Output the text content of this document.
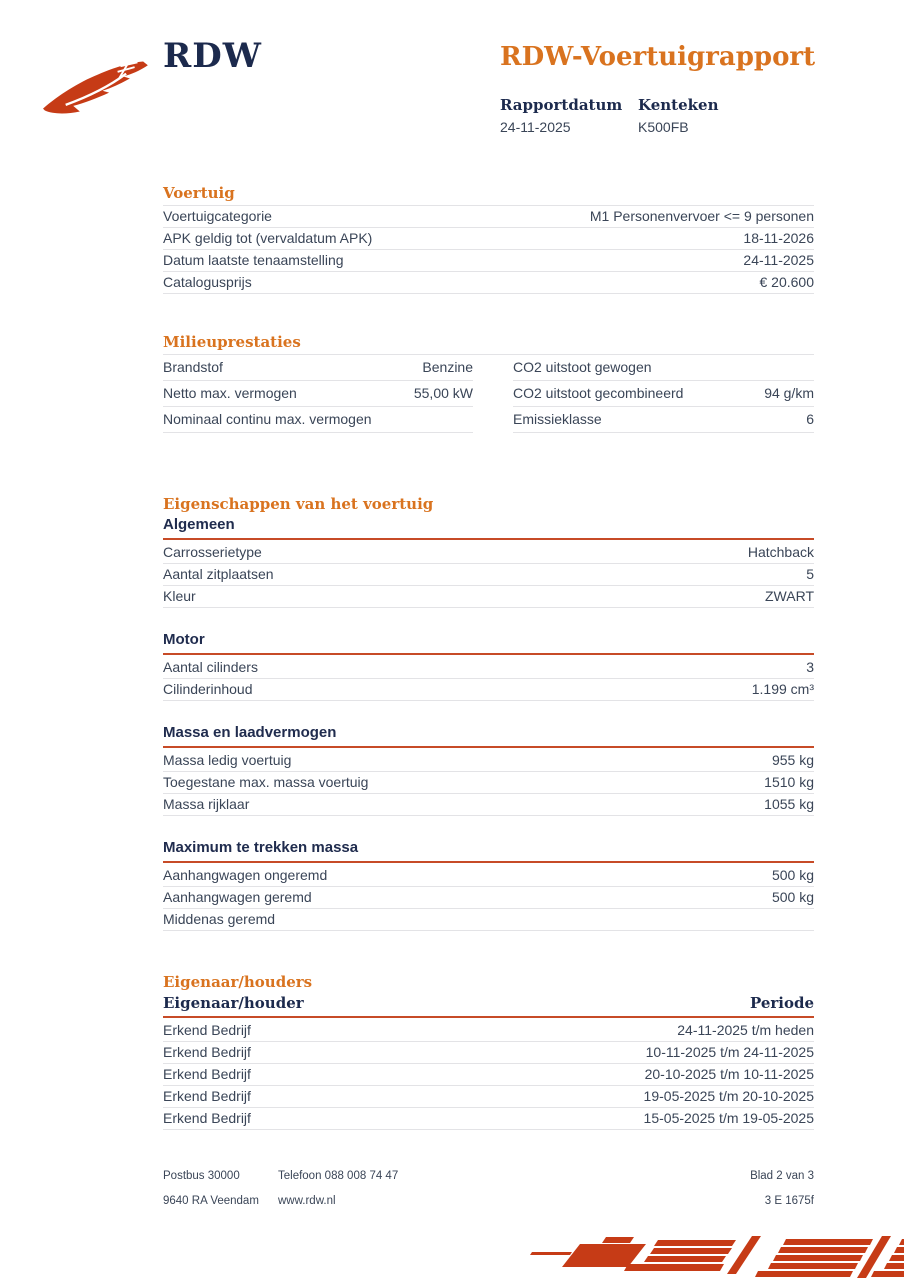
RDW	RDW-Voertuigrapport
Rapportdatum
24-11-2025
Kenteken
K500FB
Voertuig
Voertuigcategorie	M1 Personenvervoer <= 9 personen
APK geldig tot (vervaldatum APK)	18-11-2026
Datum laatste tenaamstelling	24-11-2025
Catalogusprijs	€ 20.600
Milieuprestaties
Brandstof	Benzine
Netto max. vermogen	55,00 kW
Nominaal continu max. vermogen
CO2 uitstoot gewogen
CO2 uitstoot gecombineerd	94 g/km
Emissieklasse	6
Eigenschappen van het voertuig
Algemeen
Carrosserietype	Hatchback
Aantal zitplaatsen	5
Kleur	ZWART
Motor
Aantal cilinders	3
Cilinderinhoud	1.199 cm³
Massa en laadvermogen
Massa ledig voertuig	955 kg
Toegestane max. massa voertuig	1510 kg
Massa rijklaar	1055 kg
Maximum te trekken massa
Aanhangwagen ongeremd	500 kg
Aanhangwagen geremd	500 kg
Middenas geremd
Eigenaar/houders
Eigenaar/houder	Periode
Erkend Bedrijf	24-11-2025 t/m heden
Erkend Bedrijf	10-11-2025 t/m 24-11-2025
Erkend Bedrijf	20-10-2025 t/m 10-11-2025
Erkend Bedrijf	19-05-2025 t/m 20-10-2025
Erkend Bedrijf	15-05-2025 t/m 19-05-2025
Postbus 30000	Telefoon 088 008 74 47	Blad 2 van 3
9640 RA Veendam	www.rdw.nl	3 E 1675f
